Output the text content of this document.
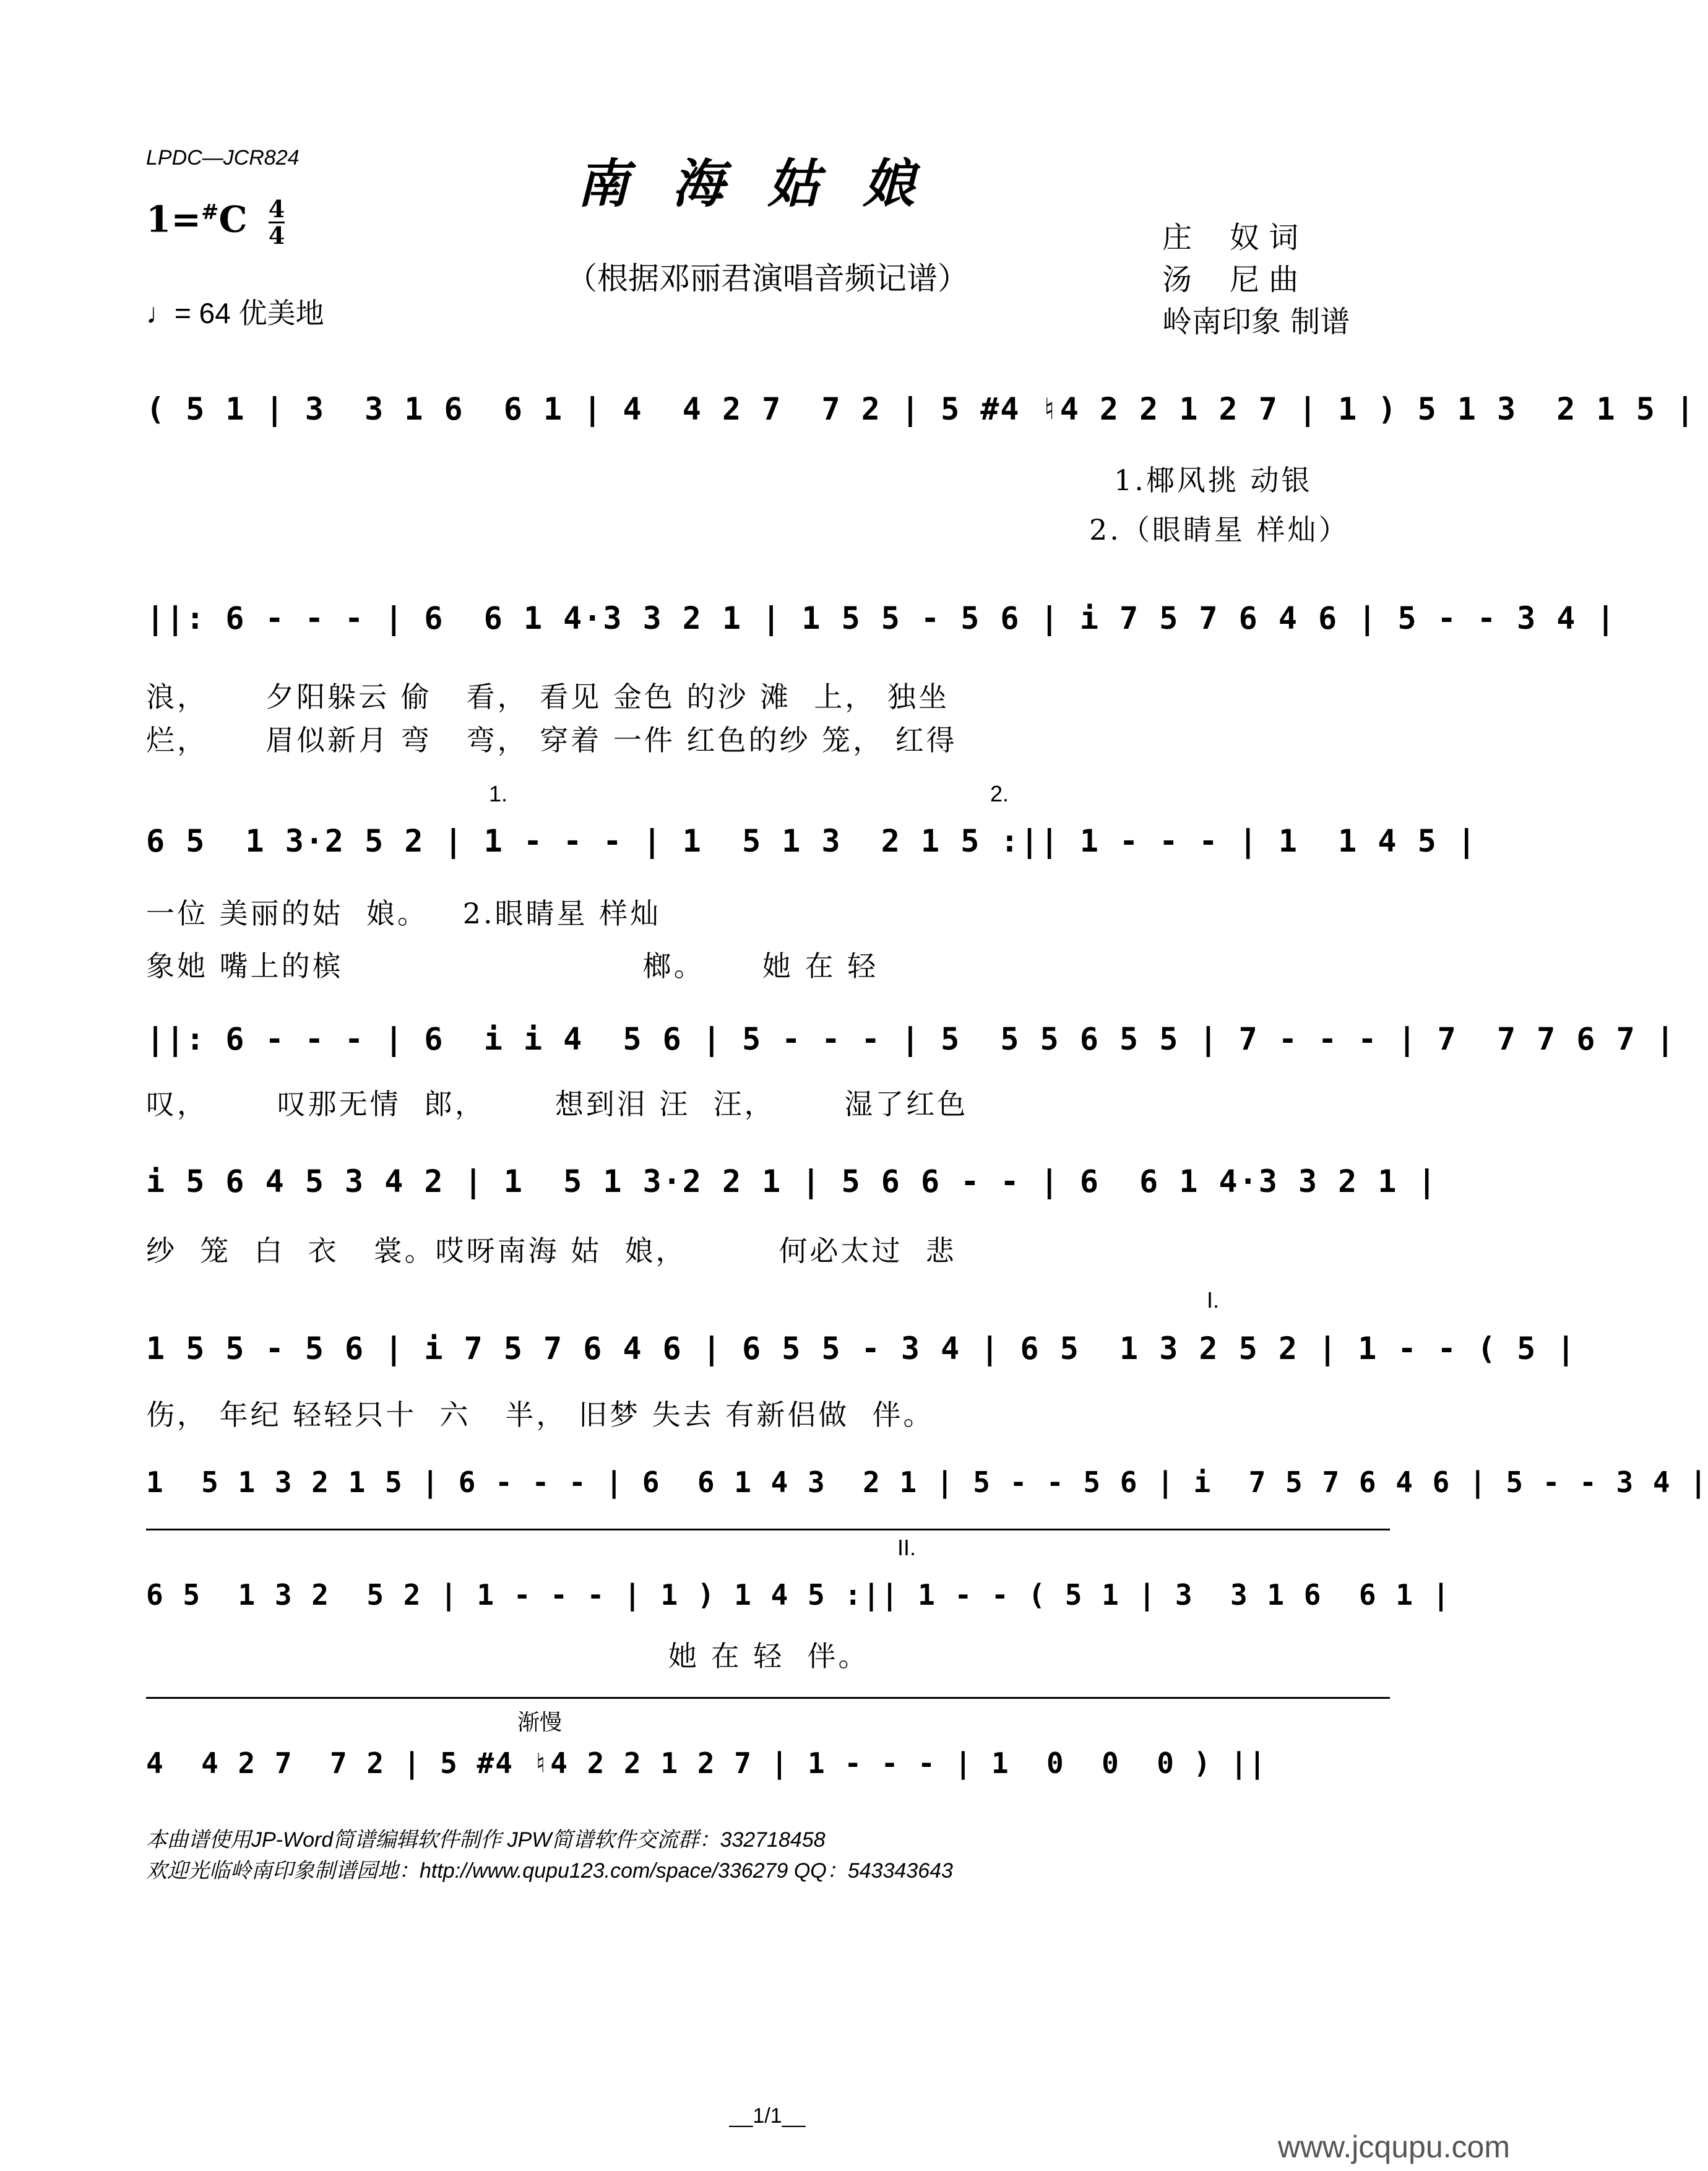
LPDC—JCR824	南海姑娘
（根据邓丽君演唱音频记谱）
$1=^{\#}C \frac{4}{4}$
♩= 64 优美地
庄    奴 词
汤    尼 曲
岭南印象 制谱
( 5 1 | 3  3 1 6  6 1 | 4  4 2 7  7 2 | 5 #4 ♮4 2 2 1 2 7 | 1 ) 5 1 3  2 1 5 |
1.椰风挑 动银
2.（眼睛星 样灿）
||: 6 - - - | 6  6 1 4·3 3 2 1 | 1 5 5 - 5 6 | i 7 5 7 6 4 6 | 5 - - 3 4 |
浪，     夕阳躲云 偷   看， 看见 金色 的沙 滩  上， 独坐
烂，     眉似新月 弯   弯， 穿着 一件 红色的纱 笼， 红得
1.	2.
6 5  1 3·2 5 2 | 1 - - - | 1  5 1 3  2 1 5 :|| 1 - - - | 1  1 4 5 |
一位 美丽的姑  娘。   2.眼睛星 样灿
象她 嘴上的槟                          榔。     她 在 轻
||: 6 - - - | 6  i i 4  5 6 | 5 - - - | 5  5 5 6 5 5 | 7 - - - | 7  7 7 6 7 |
叹，      叹那无情  郎，      想到泪 汪  汪，      湿了红色
i 5 6 4 5 3 4 2 | 1  5 1 3·2 2 1 | 5 6 6 - - | 6  6 1 4·3 3 2 1 |
纱  笼  白  衣   裳。哎呀南海 姑  娘，        何必太过  悲
I.
1 5 5 - 5 6 | i 7 5 7 6 4 6 | 6 5 5 - 3 4 | 6 5  1 3 2 5 2 | 1 - - ( 5 |
伤， 年纪 轻轻只十  六   半， 旧梦 失去 有新侣做  伴。
1  5 1 3 2 1 5 | 6 - - - | 6  6 1 4 3  2 1 | 5 - - 5 6 | i  7 5 7 6 4 6 | 5 - - 3 4 |
II.
6 5  1 3 2  5 2 | 1 - - - | 1 ) 1 4 5 :|| 1 - - ( 5 1 | 3  3 1 6  6 1 |
她 在 轻  伴。
渐慢
4  4 2 7  7 2 | 5 #4 ♮4 2 2 1 2 7 | 1 - - - | 1  0  0  0 ) ||
本曲谱使用JP-Word简谱编辑软件制作 JPW简谱软件交流群：332718458
欢迎光临岭南印象制谱园地：http://www.qupu123.com/space/336279 QQ：543343643
__1/1__
www.jcqupu.com
